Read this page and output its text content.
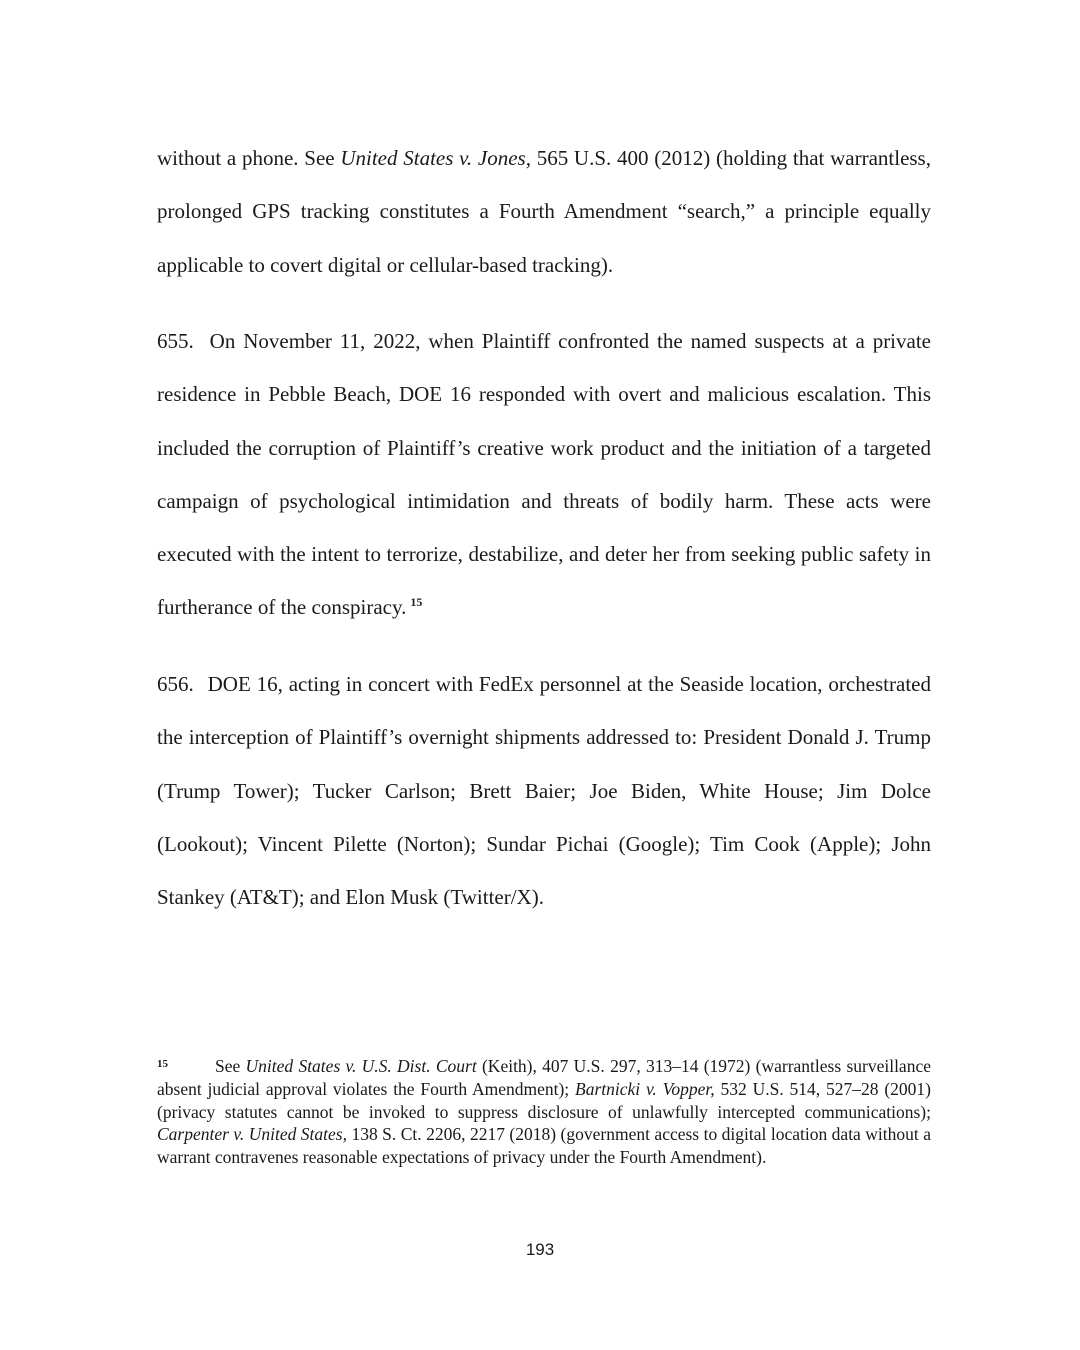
without a phone. See United States v. Jones, 565 U.S. 400 (2012) (holding that warrantless, prolonged GPS tracking constitutes a Fourth Amendment “search,” a principle equally applicable to covert digital or cellular-based tracking).

655. On November 11, 2022, when Plaintiff confronted the named suspects at a private residence in Pebble Beach, DOE 16 responded with overt and malicious escalation. This included the corruption of Plaintiff’s creative work product and the initiation of a targeted campaign of psychological intimidation and threats of bodily harm. These acts were executed with the intent to terrorize, destabilize, and deter her from seeking public safety in furtherance of the conspiracy. $^{15}$

656. DOE 16, acting in concert with FedEx personnel at the Seaside location, orchestrated the interception of Plaintiff’s overnight shipments addressed to: President Donald J. Trump (Trump Tower); Tucker Carlson; Brett Baier; Joe Biden, White House; Jim Dolce (Lookout); Vincent Pilette (Norton); Sundar Pichai (Google); Tim Cook (Apple); John Stankey (AT&T); and Elon Musk (Twitter/X).

15	See United States v. U.S. Dist. Court (Keith), 407 U.S. 297, 313–14 (1972) (warrantless surveillance absent judicial approval violates the Fourth Amendment); Bartnicki v. Vopper, 532 U.S. 514, 527–28 (2001) (privacy statutes cannot be invoked to suppress disclosure of unlawfully intercepted communications); Carpenter v. United States, 138 S. Ct. 2206, 2217 (2018) (government access to digital location data without a warrant contravenes reasonable expectations of privacy under the Fourth Amendment).

193
